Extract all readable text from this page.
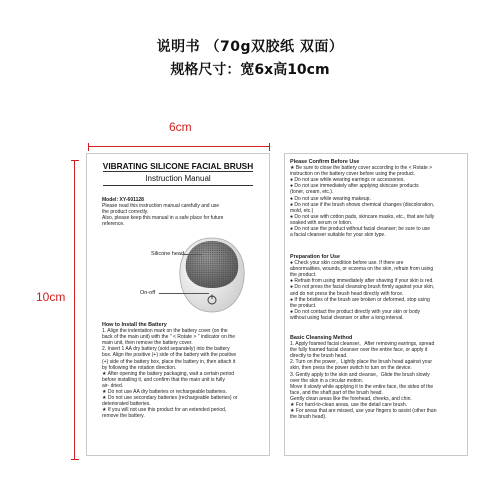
说明书 （70g双胶纸 双面）
规格尺寸：宽6x高10cm
6cm
10cm
VIBRATING SILICONE FACIAL BRUSH
Instruction Manual
Model: XY-601128
Please read this instruction manual carefully and use
the product correctly.
Also, please keep this manual in a safe place for future
reference.
Silicone head
On-off
How to Install the Battery
1. Align the indentation mark on the battery cover (on the
back of the main unit) with the " < Rotate > " indicator on the
main unit, then remove the battery cover.
2. Insert 1 AA dry battery (sold separately) into the battery
box. Align the positive (+) side of the battery with the positive
(+) side of the battery box, place the battery in, then attach it
by following the rotation direction.
★ After opening the battery packaging, wait a certain period
before installing it, and confirm that the main unit is fully
air- dried.
★ Do not use AA dry batteries or rechargeable batteries.
★ Do not use secondary batteries (rechargeable batteries) or
deteriorated batteries.
★ If you will not use this product for an extended period,
remove the battery.
Please Confirm Before Use
★ Be sure to close the battery cover according to the < Rotate >
instruction on the battery cover before using the product.
● Do not use while wearing earrings or accessories.
● Do not use immediately after applying skincare products
(toner, cream, etc.).
● Do not use while wearing makeup.
● Do not use if the brush shows chemical changes (discoloration,
mold, etc.)
● Do not use with cotton pads, skincare masks, etc., that are fully
soaked with serum or lotion.
● Do not use the product without facial cleanser; be sure to use
a facial cleanser suitable for your skin type.
Preparation for Use
● Check your skin condition before use. If there are
abnormalities, wounds, or eczema on the skin, refrain from using
the product.
● Refrain from using immediately after shaving if your skin is red.
● Do not press the facial cleansing brush firmly against your skin,
and do not press the brush head directly with force.
● If the bristles of the brush are broken or deformed, stop using
the product.
● Do not contact the product directly with your skin or body
without using facial cleanser or after a long interval.
Basic Cleansing Method
1. Apply foamed facial cleanser。After removing earrings, spread
the fully foamed facial cleanser over the entire face, or apply it
directly to the brush head.
2. Turn on the power。Lightly place the brush head against your
skin, then press the power switch to turn on the device.
3. Gently apply to the skin and cleanse。Glide the brush slowly
over the skin in a circular motion.
Move it slowly while applying it to the entire face, the sides of the
face, and the shaft part of the brush head.
Gently clean areas like the forehead, cheeks, and chin.
★ For hard-to-clean areas, use the detail care brush.
★ For areas that are missed, use your fingers to assist (other than
the brush head).
